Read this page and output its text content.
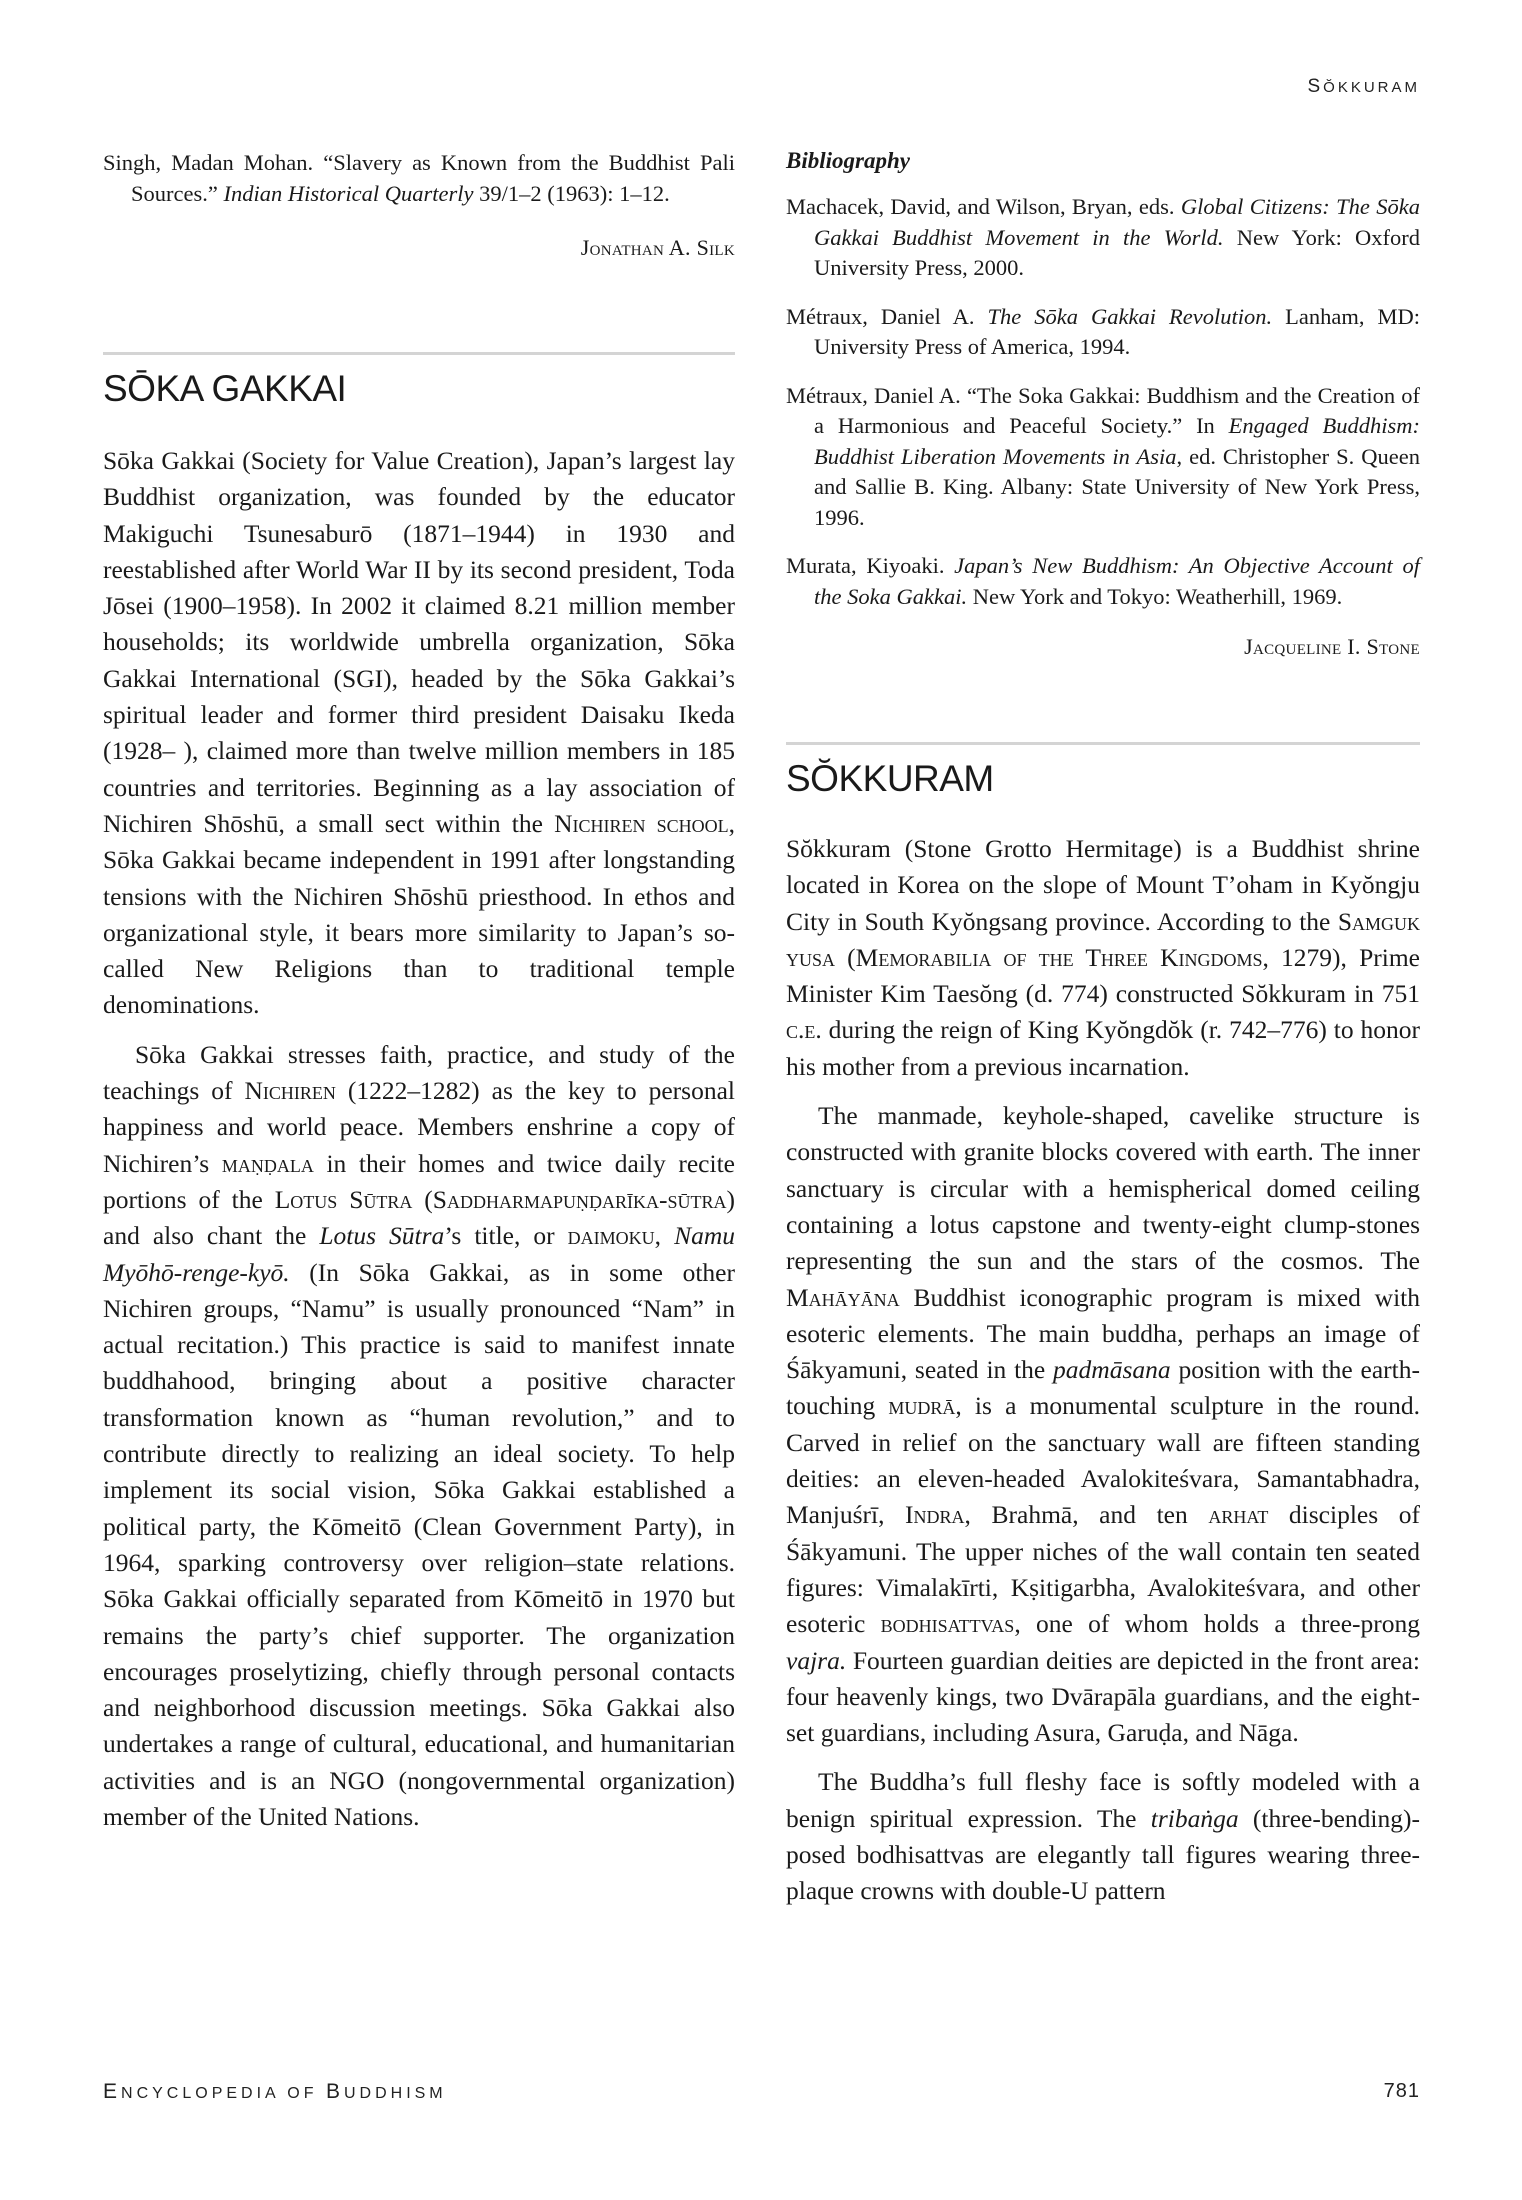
SŎKKURAM

Singh, Madan Mohan. “Slavery as Known from the Buddhist Pali Sources.” Indian Historical Quarterly 39/1–2 (1963): 1–12.

Jonathan A. Silk

SŌKA GAKKAI

Sōka Gakkai (Society for Value Creation), Japan’s largest lay Buddhist organization, was founded by the educator Makiguchi Tsunesaburō (1871–1944) in 1930 and reestablished after World War II by its second president, Toda Jōsei (1900–1958). In 2002 it claimed 8.21 million member households; its worldwide umbrella organization, Sōka Gakkai International (SGI), headed by the Sōka Gakkai’s spiritual leader and former third president Daisaku Ikeda (1928– ), claimed more than twelve million members in 185 countries and territories. Beginning as a lay association of Nichiren Shōshū, a small sect within the Nichiren school, Sōka Gakkai became independent in 1991 after longstanding tensions with the Nichiren Shōshū priesthood. In ethos and organizational style, it bears more similarity to Japan’s so-called New Religions than to traditional temple denominations.

Sōka Gakkai stresses faith, practice, and study of the teachings of Nichiren (1222–1282) as the key to personal happiness and world peace. Members enshrine a copy of Nichiren’s maṇḍala in their homes and twice daily recite portions of the Lotus Sūtra (Saddharmapuṇḍarīka-sūtra) and also chant the Lotus Sūtra’s title, or daimoku, Namu Myōhō-renge-kyō. (In Sōka Gakkai, as in some other Nichiren groups, “Namu” is usually pronounced “Nam” in actual recitation.) This practice is said to manifest innate buddhahood, bringing about a positive character transformation known as “human revolution,” and to contribute directly to realizing an ideal society. To help implement its social vision, Sōka Gakkai established a political party, the Kōmeitō (Clean Government Party), in 1964, sparking controversy over religion–state relations. Sōka Gakkai officially separated from Kōmeitō in 1970 but remains the party’s chief supporter. The organization encourages proselytizing, chiefly through personal contacts and neighborhood discussion meetings. Sōka Gakkai also undertakes a range of cultural, educational, and humanitarian activities and is an NGO (nongovernmental organization) member of the United Nations.

Bibliography

Machacek, David, and Wilson, Bryan, eds. Global Citizens: The Sōka Gakkai Buddhist Movement in the World. New York: Oxford University Press, 2000.

Métraux, Daniel A. The Sōka Gakkai Revolution. Lanham, MD: University Press of America, 1994.

Métraux, Daniel A. “The Soka Gakkai: Buddhism and the Creation of a Harmonious and Peaceful Society.” In Engaged Buddhism: Buddhist Liberation Movements in Asia, ed. Christopher S. Queen and Sallie B. King. Albany: State University of New York Press, 1996.

Murata, Kiyoaki. Japan’s New Buddhism: An Objective Account of the Soka Gakkai. New York and Tokyo: Weatherhill, 1969.

Jacqueline I. Stone

SŎKKURAM

Sŏkkuram (Stone Grotto Hermitage) is a Buddhist shrine located in Korea on the slope of Mount T’oham in Kyŏngju City in South Kyŏngsang province. According to the Samguk yusa (Memorabilia of the Three Kingdoms, 1279), Prime Minister Kim Taesŏng (d. 774) constructed Sŏkkuram in 751 c.e. during the reign of King Kyŏngdŏk (r. 742–776) to honor his mother from a previous incarnation.

The manmade, keyhole-shaped, cavelike structure is constructed with granite blocks covered with earth. The inner sanctuary is circular with a hemispherical domed ceiling containing a lotus capstone and twenty-eight clump-stones representing the sun and the stars of the cosmos. The Mahāyāna Buddhist iconographic program is mixed with esoteric elements. The main buddha, perhaps an image of Śākyamuni, seated in the padmāsana position with the earth-touching mudrā, is a monumental sculpture in the round. Carved in relief on the sanctuary wall are fifteen standing deities: an eleven-headed Avalokiteśvara, Samantabhadra, Manjuśrī, Indra, Brahmā, and ten arhat disciples of Śākyamuni. The upper niches of the wall contain ten seated figures: Vimalakīrti, Kṣitigarbha, Avalokiteśvara, and other esoteric bodhisattvas, one of whom holds a three-prong vajra. Fourteen guardian deities are depicted in the front area: four heavenly kings, two Dvārapāla guardians, and the eight-set guardians, including Asura, Garuḍa, and Nāga.

The Buddha’s full fleshy face is softly modeled with a benign spiritual expression. The tribaṅga (three-bending)-posed bodhisattvas are elegantly tall figures wearing three-plaque crowns with double-U pattern

ENCYCLOPEDIA OF BUDDHISM	781
